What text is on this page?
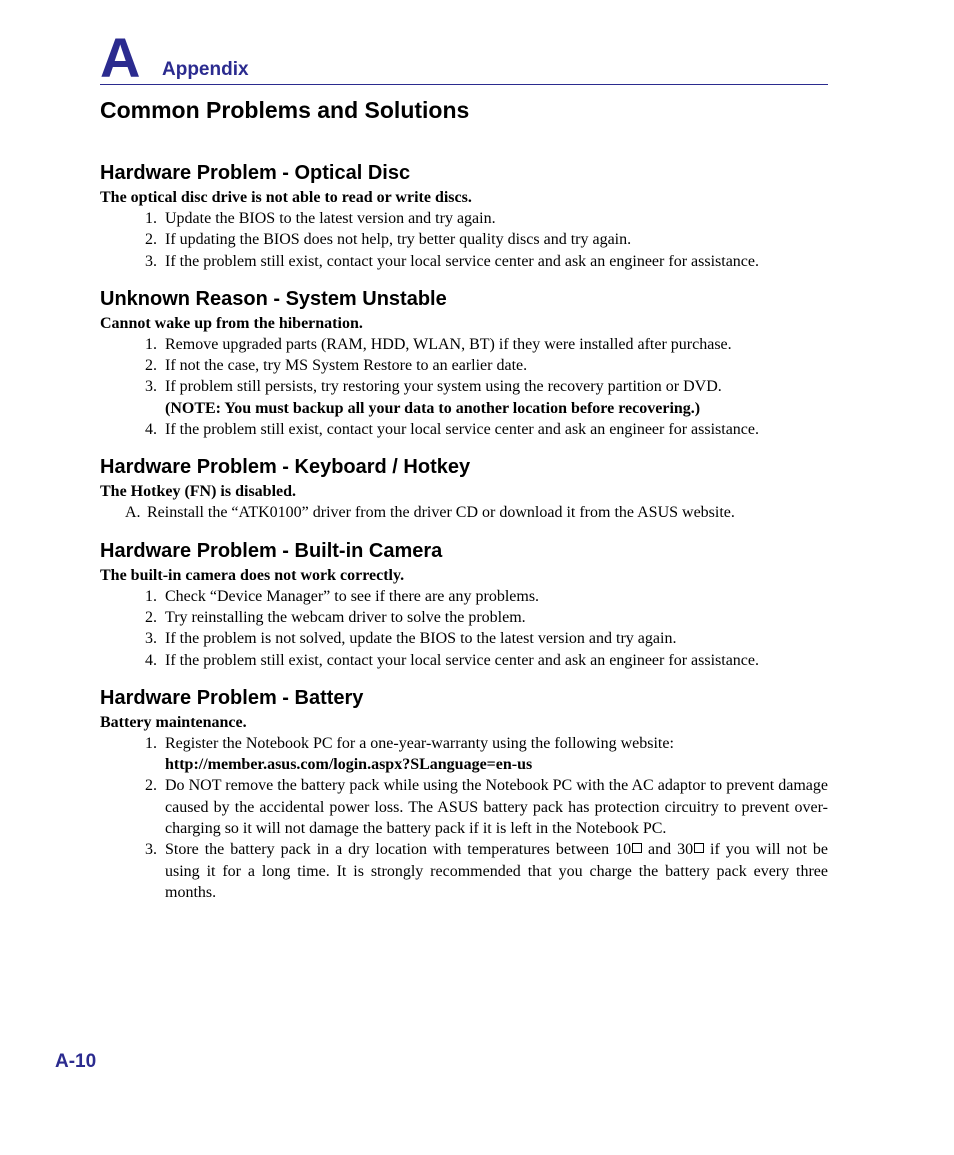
A Appendix
Common Problems and Solutions
Hardware Problem - Optical Disc

The optical disc drive is not able to read or write discs.

1. Update the BIOS to the latest version and try again.
2. If updating the BIOS does not help, try better quality discs and try again.
3. If the problem still exist, contact your local service center and ask an engineer for assistance.
Unknown Reason - System Unstable

Cannot wake up from the hibernation.

1. Remove upgraded parts (RAM, HDD, WLAN, BT) if they were installed after purchase.
2. If not the case, try MS System Restore to an earlier date.
3. If problem still persists, try restoring your system using the recovery partition or DVD.
(NOTE: You must backup all your data to another location before recovering.)
4. If the problem still exist, contact your local service center and ask an engineer for assistance.
Hardware Problem - Keyboard / Hotkey

The Hotkey (FN) is disabled.

A. Reinstall the “ATK0100” driver from the driver CD or download it from the ASUS website.
Hardware Problem - Built-in Camera

The built-in camera does not work correctly.

1. Check “Device Manager” to see if there are any problems.
2. Try reinstalling the webcam driver to solve the problem.
3. If the problem is not solved, update the BIOS to the latest version and try again.
4. If the problem still exist, contact your local service center and ask an engineer for assistance.
Hardware Problem - Battery

Battery maintenance.

1. Register the Notebook PC for a one-year-warranty using the following website:
http://member.asus.com/login.aspx?SLanguage=en-us
2. Do NOT remove the battery pack while using the Notebook PC with the AC adaptor to prevent damage caused by the accidental power loss. The ASUS battery pack has protection circuitry to prevent over-charging so it will not damage the battery pack if it is left in the Notebook PC.
3. Store the battery pack in a dry location with temperatures between 10 and 30 if you will not be using it for a long time. It is strongly recommended that you charge the battery pack every three months.
A-10
